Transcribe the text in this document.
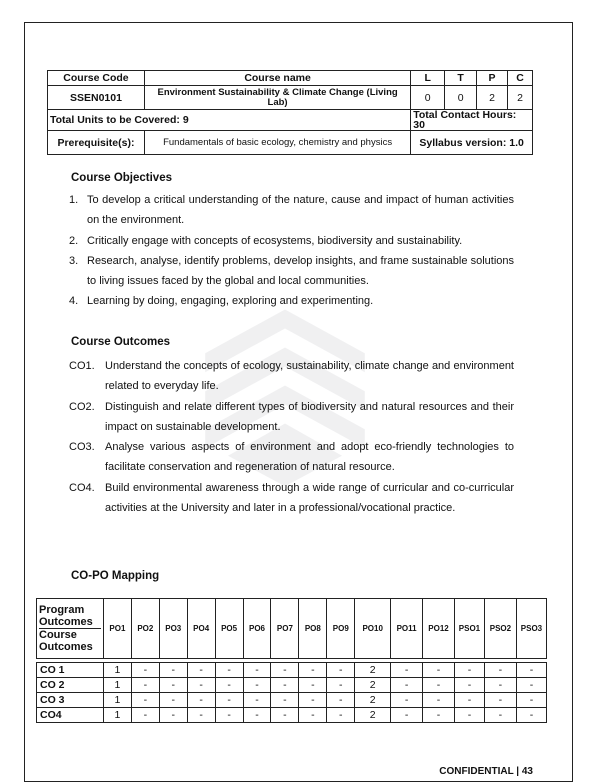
Course Code	Course name	L	T	P	C
SSEN0101	Environment Sustainability & Climate Change (Living Lab)	0	0	2	2
Total Units to be Covered: 9		Total Contact Hours: 30			
Prerequisite(s):	Fundamentals of basic ecology, chemistry and physics	Syllabus version: 1.0			
Course Objectives
1. To develop a critical understanding of the nature, cause and impact of human activities on the environment.
2. Critically engage with concepts of ecosystems, biodiversity and sustainability.
3. Research, analyse, identify problems, develop insights, and frame sustainable solutions to living issues faced by the global and local communities.
4. Learning by doing, engaging, exploring and experimenting.
Course Outcomes
CO1. Understand the concepts of ecology, sustainability, climate change and environment related to everyday life.
CO2. Distinguish and relate different types of biodiversity and natural resources and their impact on sustainable development.
CO3. Analyse various aspects of environment and adopt eco-friendly technologies to facilitate conservation and regeneration of natural resource.
CO4. Build environmental awareness through a wide range of curricular and co-curricular activities at the University and later in a professional/vocational practice.
CO-PO Mapping
Program Outcomes
Course Outcomes	PO1	PO2	PO3	PO4	PO5	PO6	PO7	PO8	PO9	PO10	PO11	PO12	PSO1	PSO2	PSO3

CO 1	1	-	-	-	-	-	-	-	-	2	-	-	-	-	-
CO 2	1	-	-	-	-	-	-	-	-	2	-	-	-	-	-
CO 3	1	-	-	-	-	-	-	-	-	2	-	-	-	-	-
CO4	1	-	-	-	-	-	-	-	-	2	-	-	-	-	-
CONFIDENTIAL | 43
